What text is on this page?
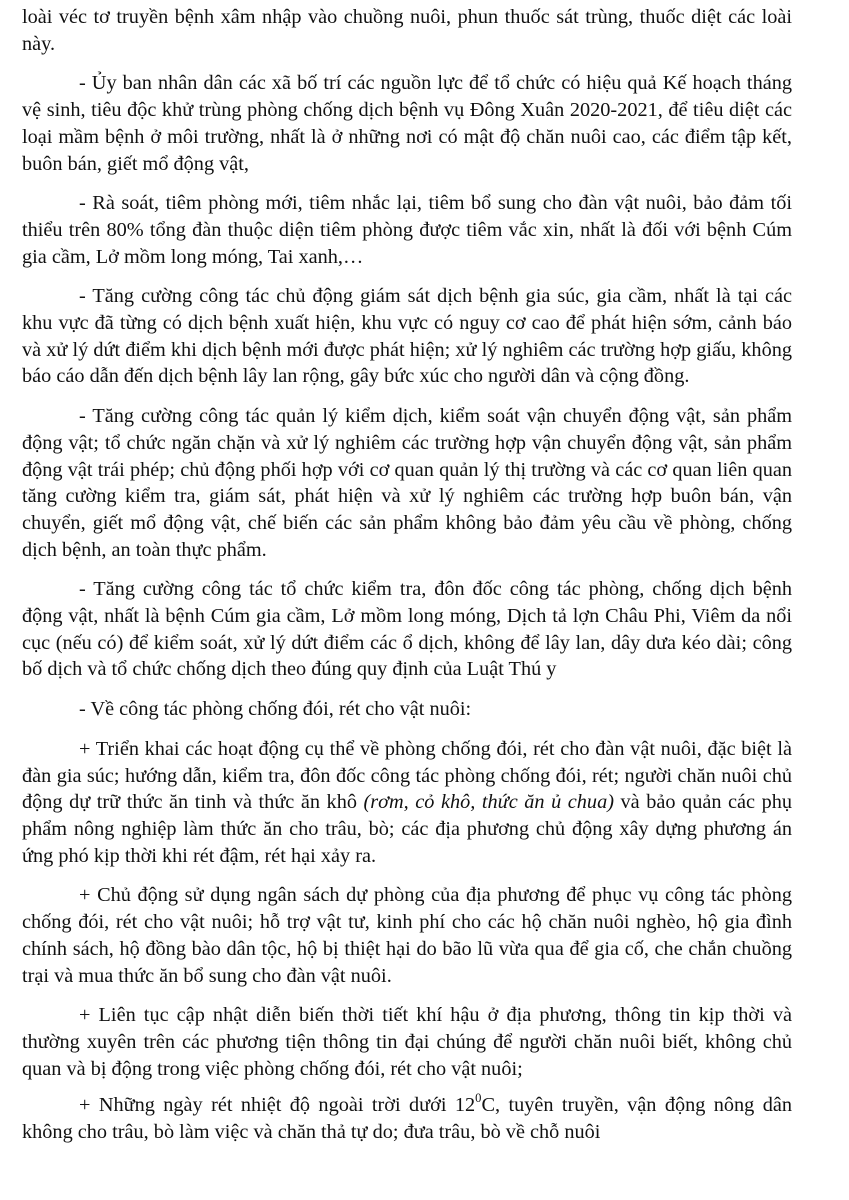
loài véc tơ truyền bệnh xâm nhập vào chuồng nuôi, phun thuốc sát trùng, thuốc diệt các loài này.

- Ủy ban nhân dân các xã bố trí các nguồn lực để tổ chức có hiệu quả Kế hoạch tháng vệ sinh, tiêu độc khử trùng phòng chống dịch bệnh vụ Đông Xuân 2020-2021, để tiêu diệt các loại mầm bệnh ở môi trường, nhất là ở những nơi có mật độ chăn nuôi cao, các điểm tập kết, buôn bán, giết mổ động vật,

- Rà soát, tiêm phòng mới, tiêm nhắc lại, tiêm bổ sung cho đàn vật nuôi, bảo đảm tối thiểu trên 80% tổng đàn thuộc diện tiêm phòng được tiêm vắc xin, nhất là đối với bệnh Cúm gia cầm, Lở mồm long móng, Tai xanh,…

- Tăng cường công tác chủ động giám sát dịch bệnh gia súc, gia cầm, nhất là tại các khu vực đã từng có dịch bệnh xuất hiện, khu vực có nguy cơ cao để phát hiện sớm, cảnh báo và xử lý dứt điểm khi dịch bệnh mới được phát hiện; xử lý nghiêm các trường hợp giấu, không báo cáo dẫn đến dịch bệnh lây lan rộng, gây bức xúc cho người dân và cộng đồng.

- Tăng cường công tác quản lý kiểm dịch, kiểm soát vận chuyển động vật, sản phẩm động vật; tổ chức ngăn chặn và xử lý nghiêm các trường hợp vận chuyển động vật, sản phẩm động vật trái phép; chủ động phối hợp với cơ quan quản lý thị trường và các cơ quan liên quan tăng cường kiểm tra, giám sát, phát hiện và xử lý nghiêm các trường hợp buôn bán, vận chuyển, giết mổ động vật, chế biến các sản phẩm không bảo đảm yêu cầu về phòng, chống dịch bệnh, an toàn thực phẩm.

- Tăng cường công tác tổ chức kiểm tra, đôn đốc công tác phòng, chống dịch bệnh động vật, nhất là bệnh Cúm gia cầm, Lở mồm long móng, Dịch tả lợn Châu Phi, Viêm da nổi cục (nếu có) để kiểm soát, xử lý dứt điểm các ổ dịch, không để lây lan, dây dưa kéo dài; công bố dịch và tổ chức chống dịch theo đúng quy định của Luật Thú y

- Về công tác phòng chống đói, rét cho vật nuôi:

+ Triển khai các hoạt động cụ thể về phòng chống đói, rét cho đàn vật nuôi, đặc biệt là đàn gia súc; hướng dẫn, kiểm tra, đôn đốc công tác phòng chống đói, rét; người chăn nuôi chủ động dự trữ thức ăn tinh và thức ăn khô (rơm, cỏ khô, thức ăn ủ chua) và bảo quản các phụ phẩm nông nghiệp làm thức ăn cho trâu, bò; các địa phương chủ động xây dựng phương án ứng phó kịp thời khi rét đậm, rét hại xảy ra.

+ Chủ động sử dụng ngân sách dự phòng của địa phương để phục vụ công tác phòng chống đói, rét cho vật nuôi; hỗ trợ vật tư, kinh phí cho các hộ chăn nuôi nghèo, hộ gia đình chính sách, hộ đồng bào dân tộc, hộ bị thiệt hại do bão lũ vừa qua để gia cố, che chắn chuồng trại và mua thức ăn bổ sung cho đàn vật nuôi.

+ Liên tục cập nhật diễn biến thời tiết khí hậu ở địa phương, thông tin kịp thời và thường xuyên trên các phương tiện thông tin đại chúng để người chăn nuôi biết, không chủ quan và bị động trong việc phòng chống đói, rét cho vật nuôi;

+ Những ngày rét nhiệt độ ngoài trời dưới $12^0C$, tuyên truyền, vận động nông dân không cho trâu, bò làm việc và chăn thả tự do; đưa trâu, bò về chỗ nuôi
